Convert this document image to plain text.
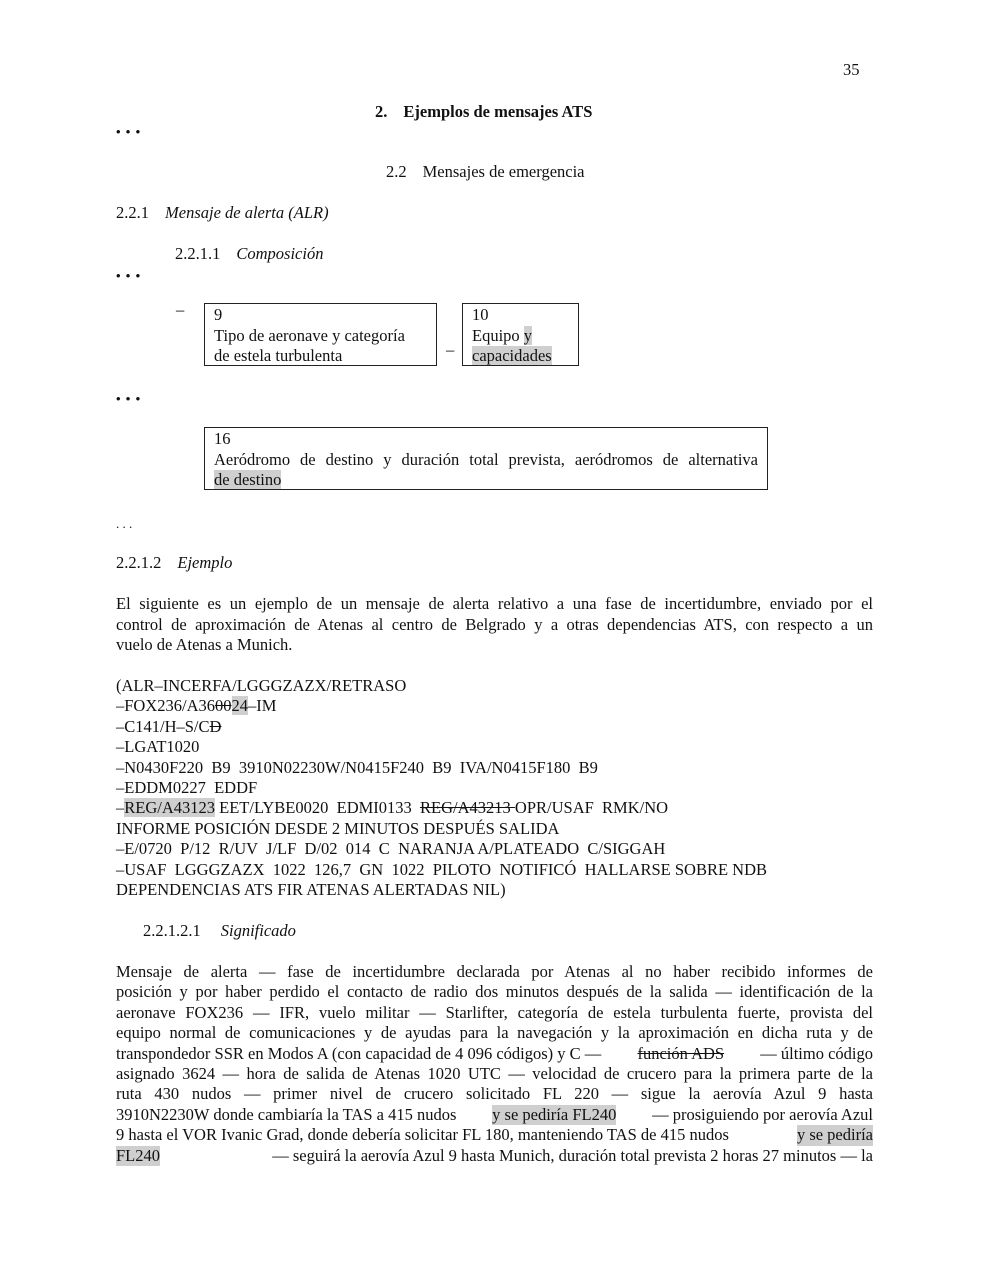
35
2. Ejemplos de mensajes ATS
• • •
2.2 Mensajes de emergencia
2.2.1 Mensaje de alerta (ALR)
2.2.1.1 Composición
• • •
– 9
Tipo de aeronave y categoría
de estela turbulenta	–
10
Equipo y
capacidades
• • •
16
Aeródromo de destino y duración total prevista, aeródromos de alternativa
de destino
. . .
2.2.1.2 Ejemplo
El siguiente es un ejemplo de un mensaje de alerta relativo a una fase de incertidumbre, enviado por el
control de aproximación de Atenas al centro de Belgrado y a otras dependencias ATS, con respecto a un
vuelo de Atenas a Munich.
(ALR–INCERFA/LGGGZAZX/RETRASO
–FOX236/A360024–IM
–C141/H–S/CD
–LGAT1020
–N0430F220  B9  3910N02230W/N0415F240  B9  IVA/N0415F180  B9
–EDDM0227  EDDF
–REG/A43123 EET/LYBE0020  EDMI0133  REG/A43213 OPR/USAF  RMK/NO
INFORME POSICIÓN DESDE 2 MINUTOS DESPUÉS SALIDA
–E/0720  P/12  R/UV  J/LF  D/02  014  C  NARANJA A/PLATEADO  C/SIGGAH
–USAF  LGGGZAZX  1022  126,7  GN  1022  PILOTO  NOTIFICÓ  HALLARSE SOBRE NDB
DEPENDENCIAS ATS FIR ATENAS ALERTADAS NIL)
2.2.1.2.1 Significado
Mensaje de alerta — fase de incertidumbre declarada por Atenas al no haber recibido informes de
posición y por haber perdido el contacto de radio dos minutos después de la salida — identificación de la
aeronave FOX236 — IFR, vuelo militar — Starlifter, categoría de estela turbulenta fuerte, provista del
equipo normal de comunicaciones y de ayudas para la navegación y la aproximación en dicha ruta y de
transpondedor SSR en Modos A (con capacidad de 4 096 códigos) y C — función ADS — último código
asignado 3624 — hora de salida de Atenas 1020 UTC — velocidad de crucero para la primera parte de la
ruta 430 nudos — primer nivel de crucero solicitado FL 220 — sigue la aerovía Azul 9 hasta
3910N2230W donde cambiaría la TAS a 415 nudos y se pediría FL240 — prosiguiendo por aerovía Azul
9 hasta el VOR Ivanic Grad, donde debería solicitar FL 180, manteniendo TAS de 415 nudos	y se pediría
FL240	— seguirá la aerovía Azul 9 hasta Munich, duración total prevista 2 horas 27 minutos — la
